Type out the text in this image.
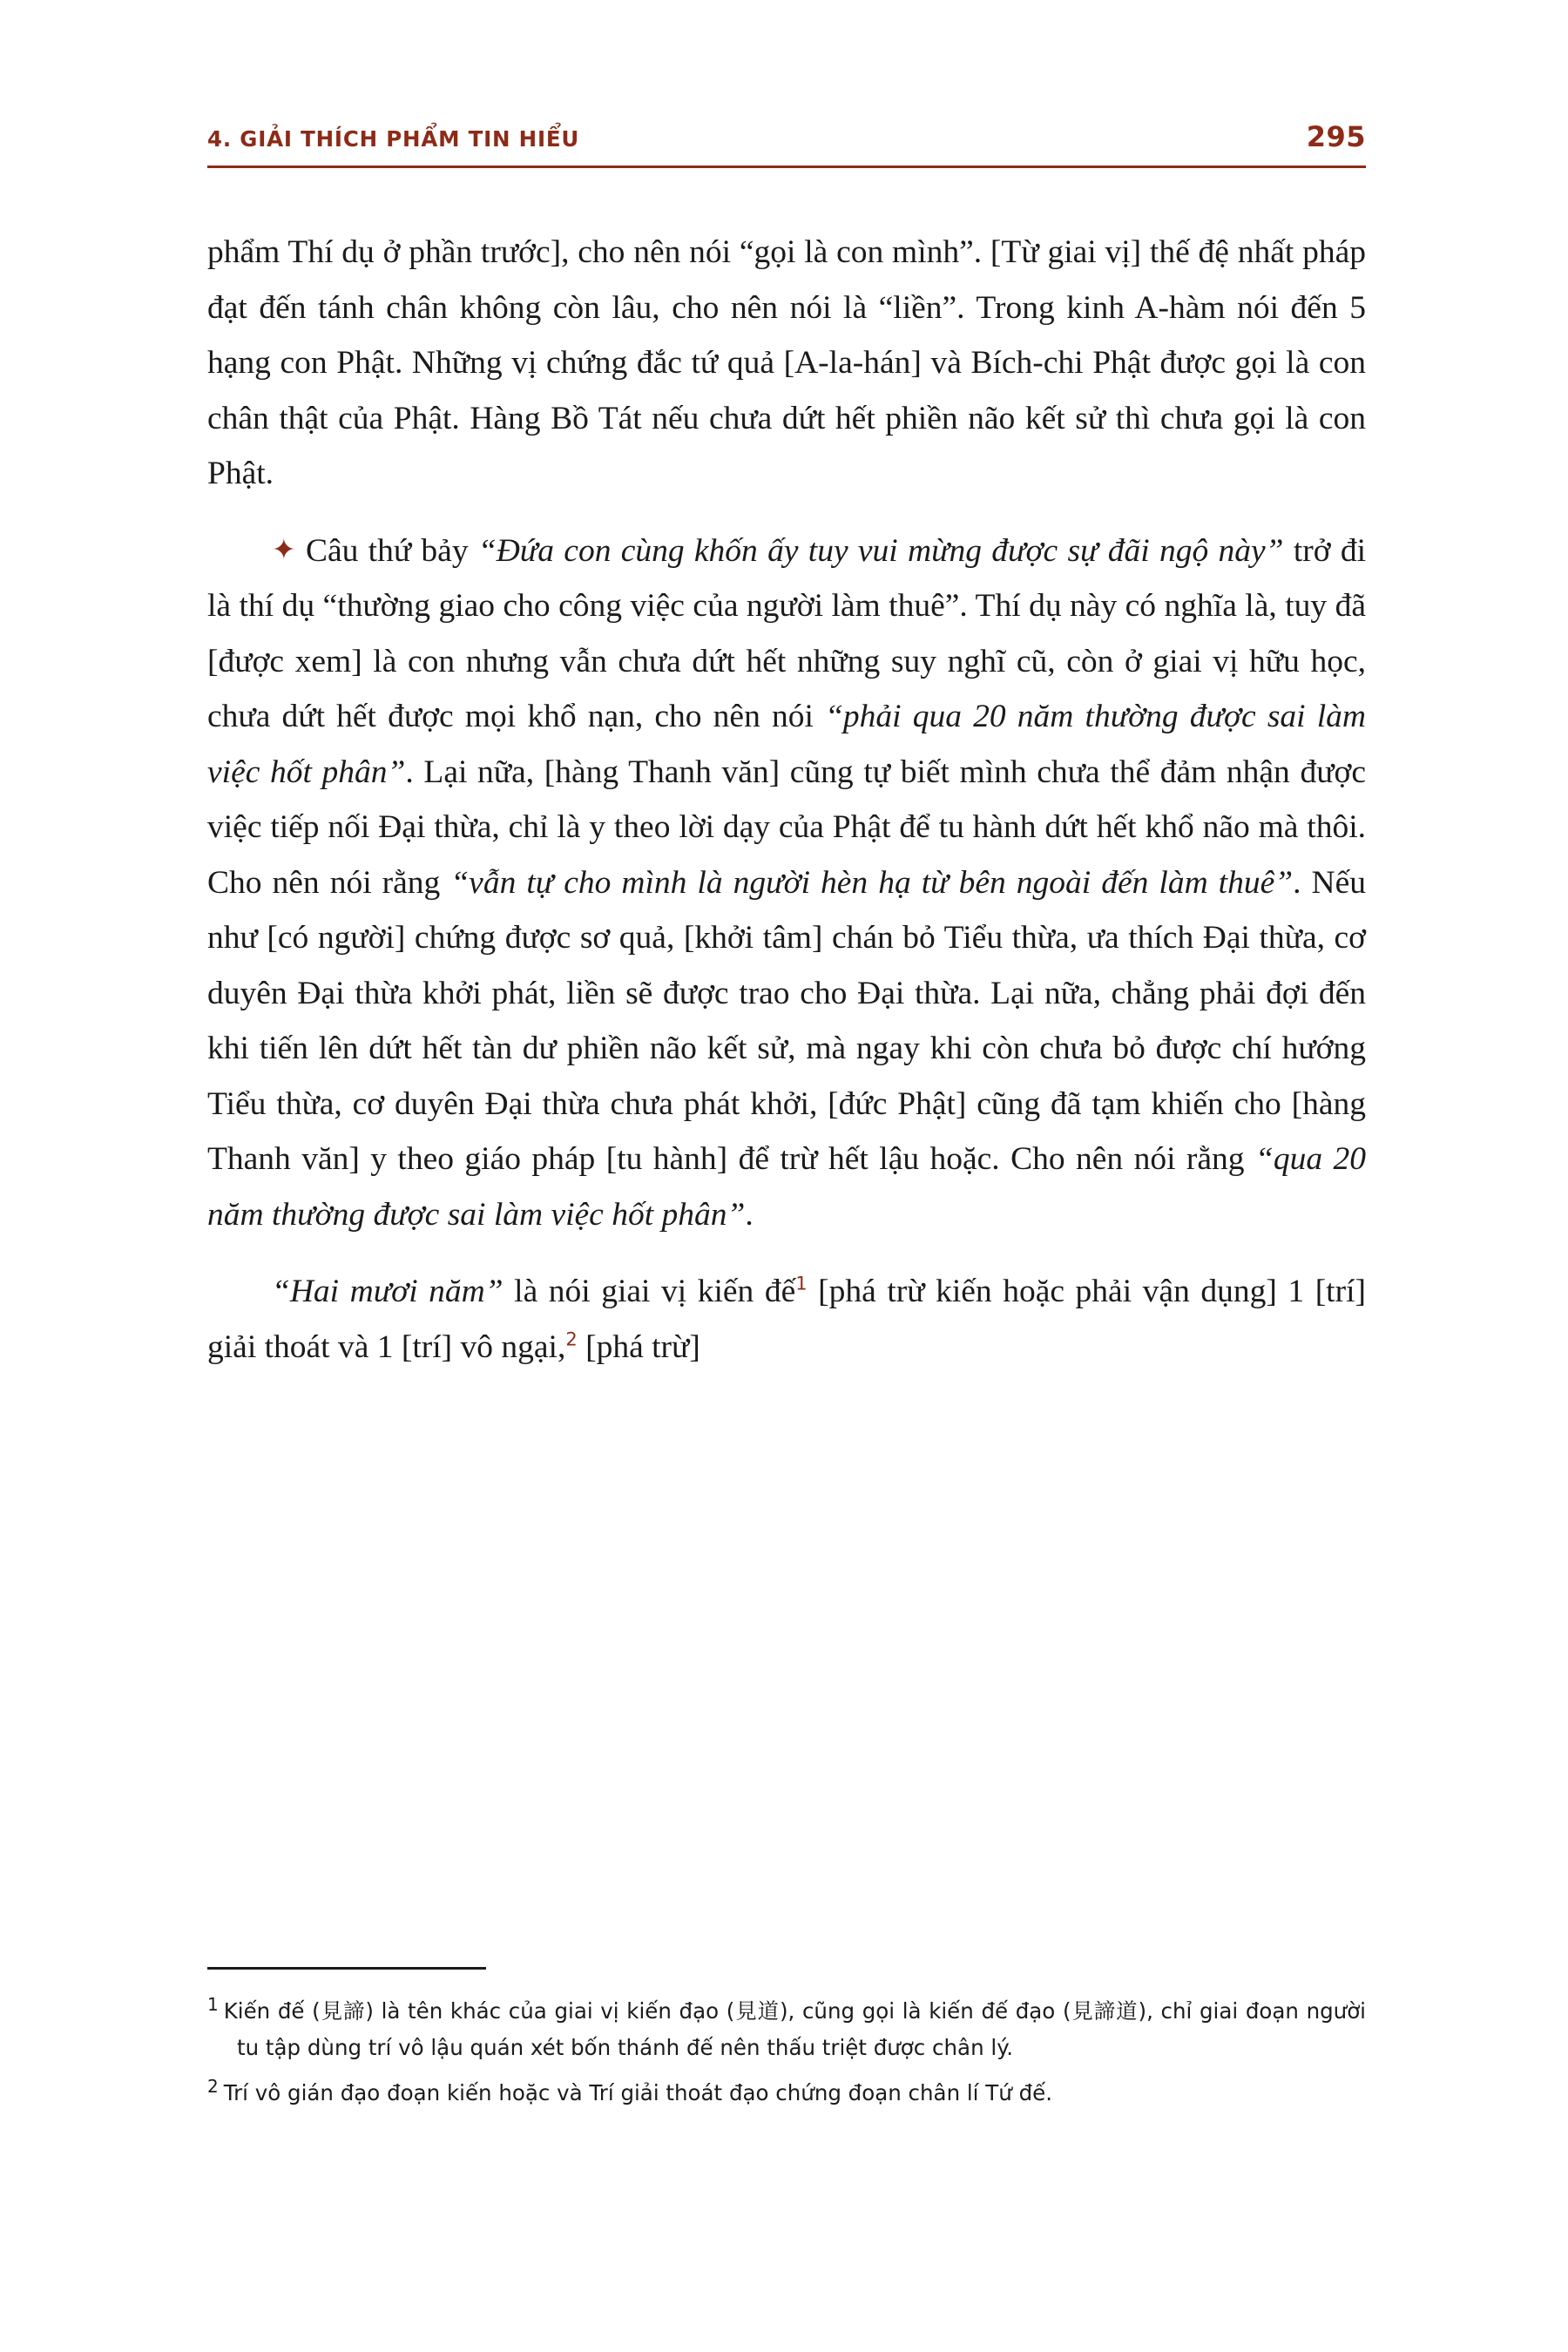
4. GIẢI THÍCH PHẨM TIN HIỂU	295

phẩm Thí dụ ở phần trước], cho nên nói “gọi là con mình”. [Từ giai vị] thế đệ nhất pháp đạt đến tánh chân không còn lâu, cho nên nói là “liền”. Trong kinh A-hàm nói đến 5 hạng con Phật. Những vị chứng đắc tứ quả [A-la-hán] và Bích-chi Phật được gọi là con chân thật của Phật. Hàng Bồ Tát nếu chưa dứt hết phiền não kết sử thì chưa gọi là con Phật.

✦ Câu thứ bảy “Đứa con cùng khốn ấy tuy vui mừng được sự đãi ngộ này” trở đi là thí dụ “thường giao cho công việc của người làm thuê”. Thí dụ này có nghĩa là, tuy đã [được xem] là con nhưng vẫn chưa dứt hết những suy nghĩ cũ, còn ở giai vị hữu học, chưa dứt hết được mọi khổ nạn, cho nên nói “phải qua 20 năm thường được sai làm việc hốt phân”. Lại nữa, [hàng Thanh văn] cũng tự biết mình chưa thể đảm nhận được việc tiếp nối Đại thừa, chỉ là y theo lời dạy của Phật để tu hành dứt hết khổ não mà thôi. Cho nên nói rằng “vẫn tự cho mình là người hèn hạ từ bên ngoài đến làm thuê”. Nếu như [có người] chứng được sơ quả, [khởi tâm] chán bỏ Tiểu thừa, ưa thích Đại thừa, cơ duyên Đại thừa khởi phát, liền sẽ được trao cho Đại thừa. Lại nữa, chẳng phải đợi đến khi tiến lên dứt hết tàn dư phiền não kết sử, mà ngay khi còn chưa bỏ được chí hướng Tiểu thừa, cơ duyên Đại thừa chưa phát khởi, [đức Phật] cũng đã tạm khiến cho [hàng Thanh văn] y theo giáo pháp [tu hành] để trừ hết lậu hoặc. Cho nên nói rằng “qua 20 năm thường được sai làm việc hốt phân”.

“Hai mươi năm” là nói giai vị kiến đế$^1$ [phá trừ kiến hoặc phải vận dụng] 1 [trí] giải thoát và 1 [trí] vô ngại,$^2$ [phá trừ]

$^1$ Kiến đế (見諦) là tên khác của giai vị kiến đạo (見道), cũng gọi là kiến đế đạo (見諦道), chỉ giai đoạn người tu tập dùng trí vô lậu quán xét bốn thánh đế nên thấu triệt được chân lý.
$^2$ Trí vô gián đạo đoạn kiến hoặc và Trí giải thoát đạo chứng đoạn chân lí Tứ đế.
